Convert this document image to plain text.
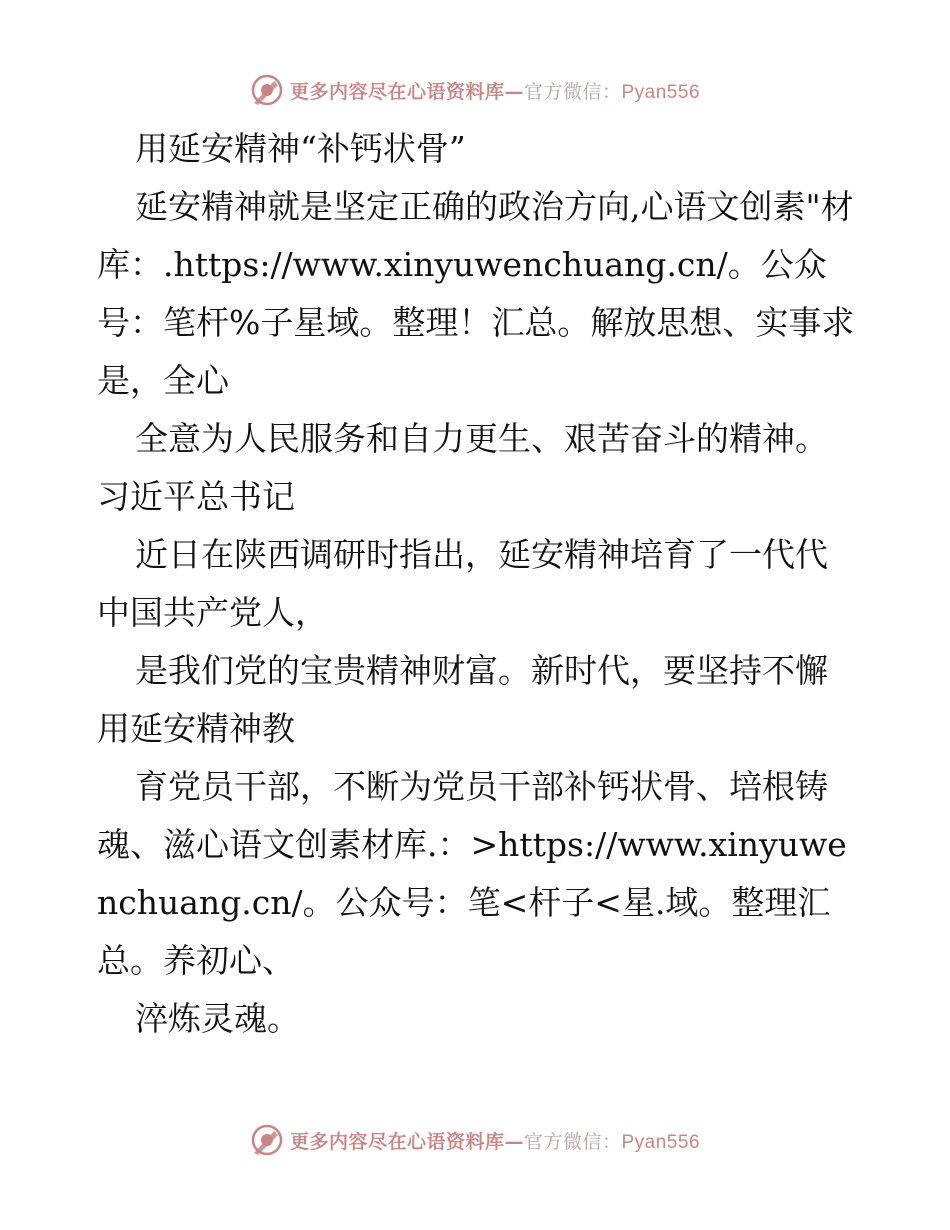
更多内容尽在心语资料库—官方微信：Pyan556

用延安精神“补钙状骨”

延安精神就是坚定正确的政治方向,心语文创素"材库：.https://www.xinyuwenchuang.cn/。公众号：笔杆%子星域。整理！汇总。解放思想、实事求是，全心

全意为人民服务和自力更生、艰苦奋斗的精神。习近平总书记

近日在陕西调研时指出，延安精神培育了一代代中国共产党人，

是我们党的宝贵精神财富。新时代，要坚持不懈用延安精神教

育党员干部，不断为党员干部补钙状骨、培根铸魂、滋心语文创素材库.：>https://www.xinyuwenchuang.cn/。公众号：笔<杆子<星.域。整理汇总。养初心、

淬炼灵魂。

更多内容尽在心语资料库—官方微信：Pyan556
